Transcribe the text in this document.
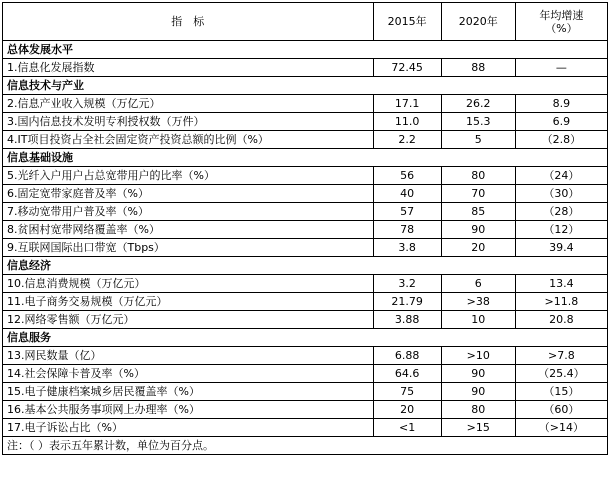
指　标	2015年	2020年	年均增速
（%）

总体发展水平			
1.信息化发展指数	72.45	88	—
信息技术与产业			
2.信息产业收入规模（万亿元）	17.1	26.2	8.9
3.国内信息技术发明专利授权数（万件）	11.0	15.3	6.9
4.IT项目投资占全社会固定资产投资总额的比例（%）	2.2	5	（2.8）
信息基础设施			
5.光纤入户用户占总宽带用户的比率（%）	56	80	（24）
6.固定宽带家庭普及率（%）	40	70	（30）
7.移动宽带用户普及率（%）	57	85	（28）
8.贫困村宽带网络覆盖率（%）	78	90	（12）
9.互联网国际出口带宽（Tbps）	3.8	20	39.4
信息经济			
10.信息消费规模（万亿元）	3.2	6	13.4
11.电子商务交易规模（万亿元）	21.79	>38	>11.8
12.网络零售额（万亿元）	3.88	10	20.8
信息服务			
13.网民数量（亿）	6.88	>10	>7.8
14.社会保障卡普及率（%）	64.6	90	（25.4）
15.电子健康档案城乡居民覆盖率（%）	75	90	（15）
16.基本公共服务事项网上办理率（%）	20	80	（60）
17.电子诉讼占比（%）	<1	>15	（>14）
注：（ ）表示五年累计数，单位为百分点。			
